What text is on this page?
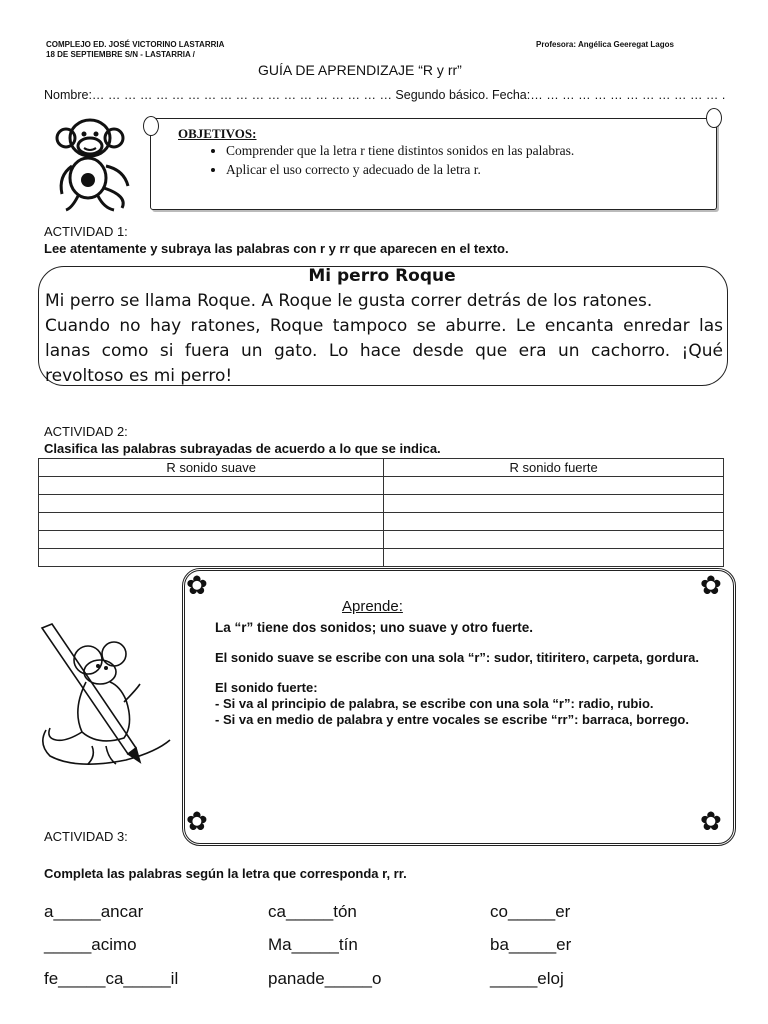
COMPLEJO ED. JOSÉ VICTORINO LASTARRIA
18 DE SEPTIEMBRE S/N - LASTARRIA /
Profesora: Angélica Geeregat Lagos
GUÍA DE APRENDIZAJE “R y rr”
Nombre:… … … … … … … … … … … … … … … … … … … Segundo básico. Fecha:… … … … … … … … … … … … .
OBJETIVOS:
• Comprender que la letra r tiene distintos sonidos en las palabras.
• Aplicar el uso correcto y adecuado de la letra r.
ACTIVIDAD 1:
Lee atentamente y subraya las palabras con r y rr que aparecen en el texto.
Mi perro Roque
Mi perro se llama Roque. A Roque le gusta correr detrás de los ratones.
Cuando no hay ratones, Roque tampoco se aburre. Le encanta enredar las lanas como si fuera un gato. Lo hace desde que era un cachorro. ¡Qué revoltoso es mi perro!
ACTIVIDAD 2:
Clasifica las palabras subrayadas de acuerdo a lo que se indica.
R sonido suave	R sonido fuerte

✿	✿
✿	✿
Aprende:

La “r” tiene dos sonidos; uno suave y otro fuerte.

El sonido suave se escribe con una sola “r”: sudor, titiritero, carpeta, gordura.

El sonido fuerte:
- Si va al principio de palabra, se escribe con una sola “r”: radio, rubio.
- Si va en medio de palabra y entre vocales se escribe “rr”: barraca, borrego.
ACTIVIDAD 3:
Completa las palabras según la letra que corresponda r, rr.
a_____ancar	ca_____tón	co_____er
_____acimo	Ma_____tín	ba_____er
fe_____ca_____il	panade_____o	_____eloj
